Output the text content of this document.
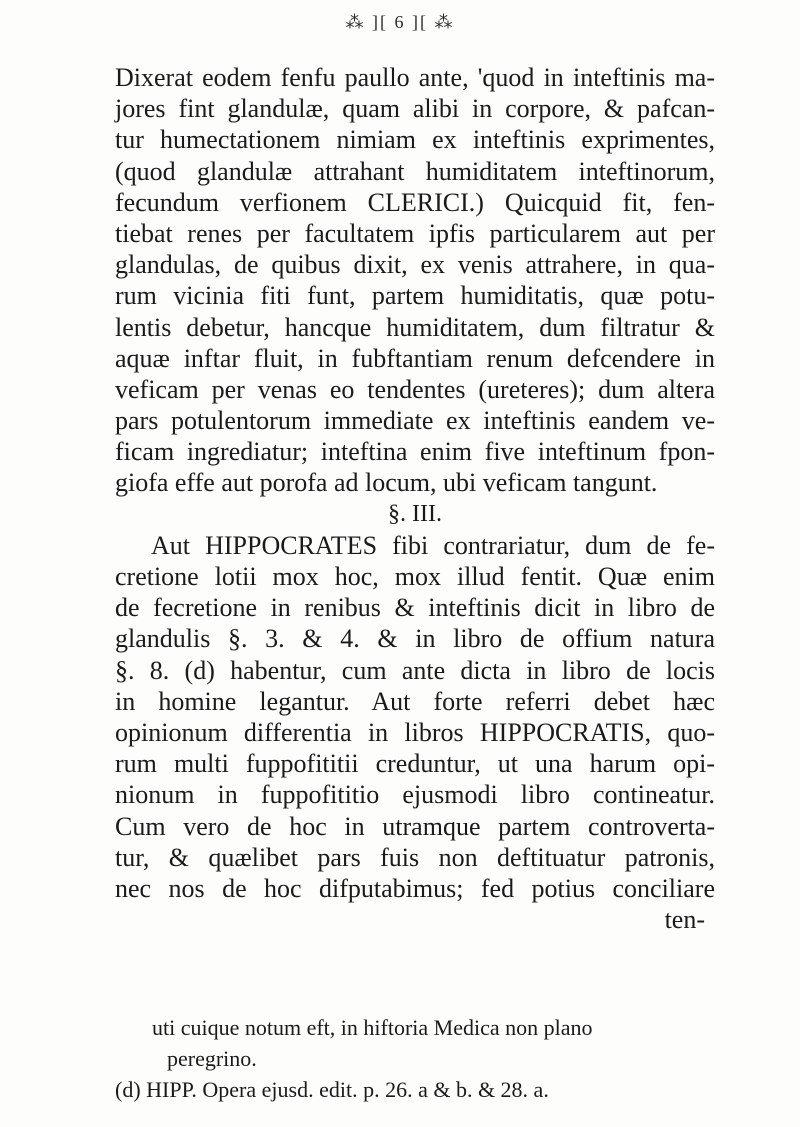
⁂ ][ 6 ][ ⁂
Dixerat eodem fenfu paullo ante, 'quod in inteftinis ma-
jores fint glandulæ, quam alibi in corpore, & pafcan-
tur humectationem nimiam ex inteftinis exprimentes,
(quod glandulæ attrahant humiditatem inteftinorum,
fecundum verfionem CLERICI.) Quicquid fit, fen-
tiebat renes per facultatem ipfis particularem aut per
glandulas, de quibus dixit, ex venis attrahere, in qua-
rum vicinia fiti funt, partem humiditatis, quæ potu-
lentis debetur, hancque humiditatem, dum filtratur &
aquæ inftar fluit, in fubftantiam renum defcendere in
veficam per venas eo tendentes (ureteres); dum altera
pars potulentorum immediate ex inteftinis eandem ve-
ficam ingrediatur; inteftina enim five inteftinum fpon-
giofa effe aut porofa ad locum, ubi veficam tangunt.
§. III.
Aut HIPPOCRATES fibi contrariatur, dum de fe-
cretione lotii mox hoc, mox illud fentit. Quæ enim
de fecretione in renibus & inteftinis dicit in libro de
glandulis §. 3. & 4. & in libro de offium natura
§. 8. (d) habentur, cum ante dicta in libro de locis
in homine legantur. Aut forte referri debet hæc
opinionum differentia in libros HIPPOCRATIS, quo-
rum multi fuppofititii creduntur, ut una harum opi-
nionum in fuppofititio ejusmodi libro contineatur.
Cum vero de hoc in utramque partem controverta-
tur, & quælibet pars fuis non deftituatur patronis,
nec nos de hoc difputabimus; fed potius conciliare
ten-
uti cuique notum eft, in hiftoria Medica non plano
peregrino.
(d) HIPP. Opera ejusd. edit. p. 26. a & b. & 28. a.
